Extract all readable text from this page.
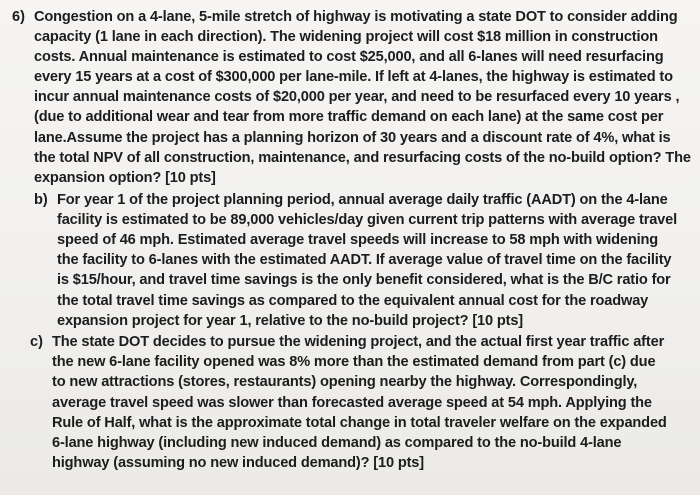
6) Congestion on a 4-lane, 5-mile stretch of highway is motivating a state DOT to consider adding
capacity (1 lane in each direction). The widening project will cost $18 million in construction
costs. Annual maintenance is estimated to cost $25,000, and all 6-lanes will need resurfacing
every 15 years at a cost of $300,000 per lane-mile. If left at 4-lanes, the highway is estimated to
incur annual maintenance costs of $20,000 per year, and need to be resurfaced every 10 years ,
(due to additional wear and tear from more traffic demand on each lane) at the same cost per
lane.Assume the project has a planning horizon of 30 years and a discount rate of 4%, what is
the total NPV of all construction, maintenance, and resurfacing costs of the no-build option? The
expansion option? [10 pts]
b) For year 1 of the project planning period, annual average daily traffic (AADT) on the 4-lane
facility is estimated to be 89,000 vehicles/day given current trip patterns with average travel
speed of 46 mph. Estimated average travel speeds will increase to 58 mph with widening
the facility to 6-lanes with the estimated AADT. If average value of travel time on the facility
is $15/hour, and travel time savings is the only benefit considered, what is the B/C ratio for
the total travel time savings as compared to the equivalent annual cost for the roadway
expansion project for year 1, relative to the no-build project? [10 pts]
c) The state DOT decides to pursue the widening project, and the actual first year traffic after
the new 6-lane facility opened was 8% more than the estimated demand from part (c) due
to new attractions (stores, restaurants) opening nearby the highway. Correspondingly,
average travel speed was slower than forecasted average speed at 54 mph. Applying the
Rule of Half, what is the approximate total change in total traveler welfare on the expanded
6-lane highway (including new induced demand) as compared to the no-build 4-lane
highway (assuming no new induced demand)? [10 pts]
